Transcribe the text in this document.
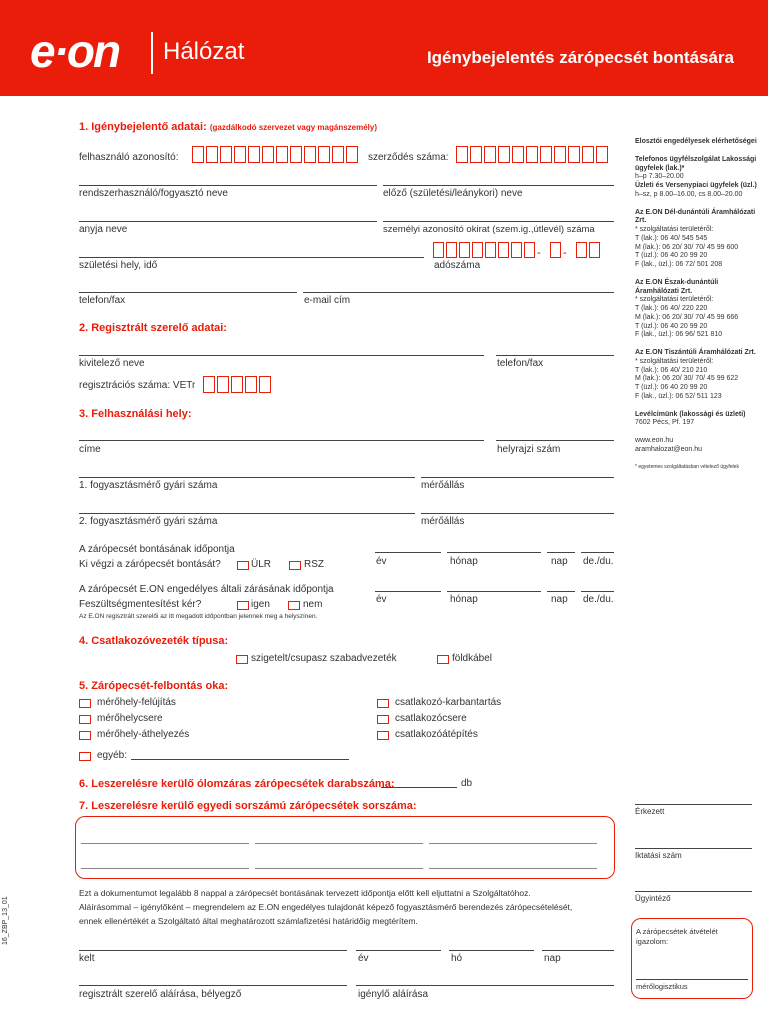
e·on Hálózat	Igénybejelentés zárópecsét bontására
1. Igénybejelentő adatai: (gazdálkodó szervezet vagy magánszemély)
felhasználó azonosító:	szerződés száma:
rendszerhasználó/fogyasztó neve	előző (születési/leánykori) neve
anyja neve	személyi azonosító okirat (szem.ig.,útlevél) száma
-	-
születési hely, idő	adószáma
telefon/fax	e-mail cím
2. Regisztrált szerelő adatai:
kivitelező neve	telefon/fax
regisztrációs száma: VETr
3. Felhasználási hely:
címe	helyrajzi szám
1. fogyasztásmérő gyári száma	mérőállás
2. fogyasztásmérő gyári száma	mérőállás
A zárópecsét bontásának időpontja
Ki végzi a zárópecsét bontását?	ÜLR	RSZ	év	hónap	nap de./du.
A zárópecsét E.ON engedélyes általi zárásának időpontja
Feszültségmentesítést kér?	igen	nem
Az E.ON regisztrált szerelői az itt megadott időpontban jelennek meg a helyszínen.
év	hónap	nap de./du.
4. Csatlakozóvezeték típusa:
szigetelt/csupasz szabadvezeték	földkábel
5. Zárópecsét-felbontás oka:
mérőhely-felújítás
mérőhelycsere
mérőhely-áthelyezés
egyéb:
csatlakozó-karbantartás
csatlakozócsere
csatlakozóátépítés
6. Leszerelésre kerülő ólomzáras zárópecsétek darabszáma:	db
7. Leszerelésre kerülő egyedi sorszámú zárópecsétek sorszáma:
Ezt a dokumentumot legalább 8 nappal a zárópecsét bontásának tervezett időpontja előtt kell eljuttatni a Szolgáltatóhoz.
Aláírásommal – igénylőként – megrendelem az E.ON engedélyes tulajdonát képező fogyasztásmérő berendezés zárópecsételését,
ennek ellenértékét a Szolgáltató által meghatározott számlafizetési határidőig megtérítem.
kelt	év	hó	nap
regisztrált szerelő aláírása, bélyegző	igénylő aláírása
Érkezett
Iktatási szám
Ügyintéző
A zárópecsétek átvételét igazolom:
mérőlogisztikus
Elosztói engedélyesek elérhetőségei
Telefonos ügyfélszolgálat Lakossági ügyfelek (lak.)*
h–p 7.30–20.00
Üzleti és Versenypiaci ügyfelek (üzl.)
h–sz, p 8.00–16.00, cs 8.00–20.00
Az E.ON Dél-dunántúli Áramhálózati Zrt.
* szolgáltatási területéről:
T (lak.): 06 40/ 545 545
M (lak.): 06 20/ 30/ 70/ 45 99 600
T (üzl.): 06 40 20 99 20
F (lak., üzl.): 06 72/ 501 208
Az E.ON Észak-dunántúli Áramhálózati Zrt.
* szolgáltatási területéről:
T (lak.): 06 40/ 220 220
M (lak.): 06 20/ 30/ 70/ 45 99 666
T (üzl.): 06 40 20 99 20
F (lak., üzl.): 06 96/ 521 810
Az E.ON Tiszántúli Áramhálózati Zrt.
* szolgáltatási területéről:
T (lak.): 06 40/ 210 210
M (lak.): 06 20/ 30/ 70/ 45 99 622
T (üzl.): 06 40 20 99 20
F (lak., üzl.): 06 52/ 511 123
Levélcímünk (lakossági és üzleti)
7602 Pécs, Pf. 197
www.eon.hu
aramhalozat@eon.hu
* egyetemes szolgáltatásban vételező ügyfelek
16_ZBP_13_01
